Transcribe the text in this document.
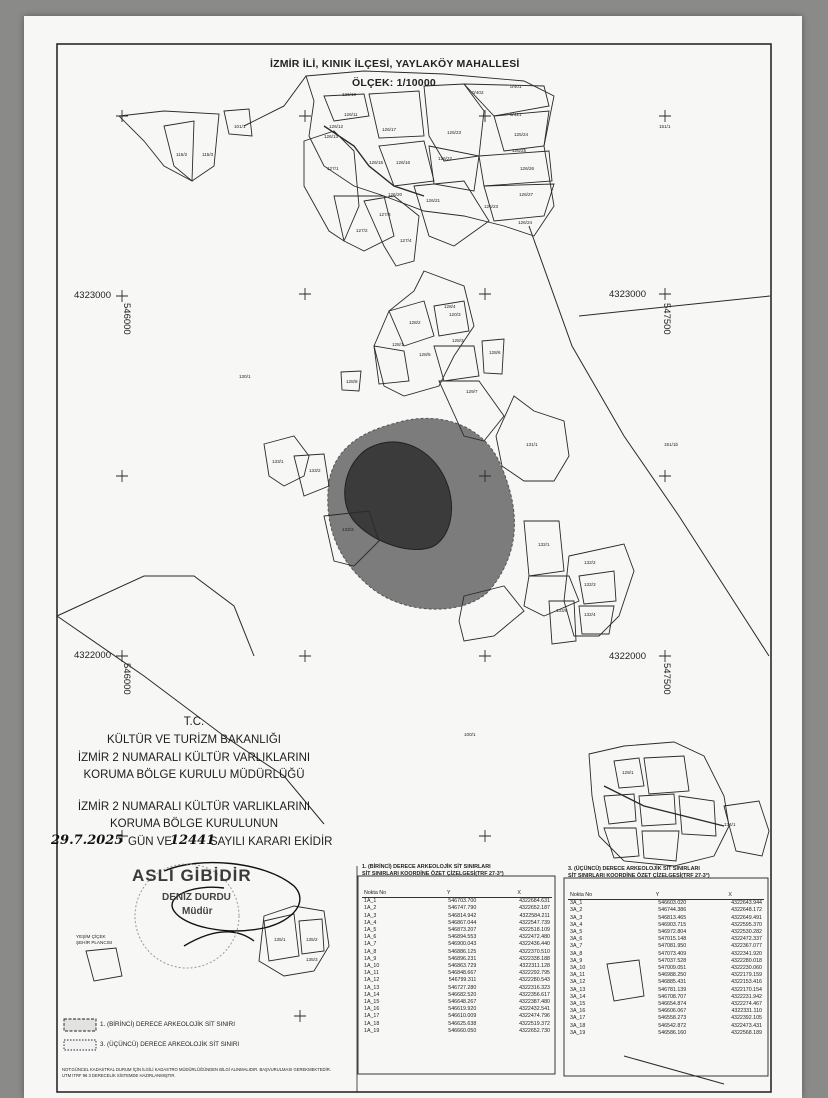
101/1
115/2	115/3
126/10
126/11
126/12
126/13
126/17
126/16
126/15
125/23
0/402
0/401
0/421
125/24
126/25
126/26
126/27
127/1
127/2
127/3
127/4
126/20
126/21
126/22
126/23
126/24
128/4
120/3
128/2
128/1
128/3
128/6
128/5
129/7
128/8
130/1
131/1
132/1
132/2
132/3
132/4
133/1
133/2
133/3
133/6
134/1
135/1	135/2
135/3
100/1
151/1
151/1b
129/1
İZMİR İLİ, KINIK İLÇESİ, YAYLAKÖY MAHALLESİ
ÖLÇEK: 1/10000
4323000	4323000
4322000	4322000
546000	547500
546000	547500
T.C.
KÜLTÜR VE TURİZM BAKANLIĞI
İZMİR 2 NUMARALI KÜLTÜR VARLIKLARINI
KORUMA BÖLGE KURULU MÜDÜRLÜĞÜ
İZMİR 2 NUMARALI KÜLTÜR VARLIKLARINI
KORUMA BÖLGE KURULUNUN
GÜN VE	SAYILI KARARI EKİDİR
29.7.2025	12441
ASLI GİBİDİR
DENİZ DURDU
Müdür
1. (BİRİNCİ) DERECE ARKEOLOJİK SİT SINIRLARI
SİT SINIRLARI KOORDİNE ÖZET ÇİZELGESİ(TRF 27-3°)
Nokta No	Y	X
1A_1	546703.700	4322684.631
1A_2	546747.790	4322652.187
1A_3	546814.942	4322584.211
1A_4	546867.044	4322547.739
1A_5	546873.207	4322518.109
1A_6	546894.553	4322472.480
1A_7	546900.043	4322436.440
1A_8	546886.125	4322370.510
1A_9	546896.231	4322338.188
1A_10	546863.729	4322311.128
1A_11	546848.667	4322292.795
1A_12	546799.311	4322280.543
1A_13	546727.280	4322316.323
1A_14	546682.520	4322356.617
1A_15	546648.267	4322387.480
1A_16	546619.920	4322432.541
1A_17	546610.009	4322474.796
1A_18	546625.638	4322519.372
1A_19	546660.050	4322652.730
3. (ÜÇÜNCÜ) DERECE ARKEOLOJİK SİT SINIRLARI
SİT SINIRLARI KOORDİNE ÖZET ÇİZELGESİ(TRF 27-3°)
Nokta No	Y	X
3A_1	546603.020	4322643.944
3A_2	546744.386	4322648.172
3A_3	546813.465	4322649.491
3A_4	546903.715	4322595.370
3A_5	546972.804	4322530.282
3A_6	547015.148	4322472.337
3A_7	547081.950	4322367.077
3A_8	547073.409	4322341.920
3A_9	547037.528	4322280.018
3A_10	547009.051	4322230.060
3A_11	546988.250	4322179.159
3A_12	546885.431	4322153.416
3A_13	546781.139	4322170.154
3A_14	546708.707	4322231.942
3A_15	546654.874	4322274.467
3A_16	546606.067	4322331.110
3A_17	546558.273	4322392.105
3A_18	546542.872	4322473.431
3A_19	546586.160	4322568.189
1. (BİRİNCİ) DERECE ARKEOLOJİK SİT SINIRI
3. (ÜÇÜNCÜ) DERECE ARKEOLOJİK SİT SINIRI
NOT:GÜNCEL KADASTRAL DURUM İÇİN İLGİLİ KADASTRO MÜDÜRLÜĞÜNDEN BİLGİ ALINMALIDIR. BAŞVURULMASI GEREKMEKTEDİR.
UTM ITRF 96 3 DERECELİK SİSTEMDE HAZIRLANMIŞTIR.
YEŞİM ÇİÇEK ŞEHİR PLANCISI
